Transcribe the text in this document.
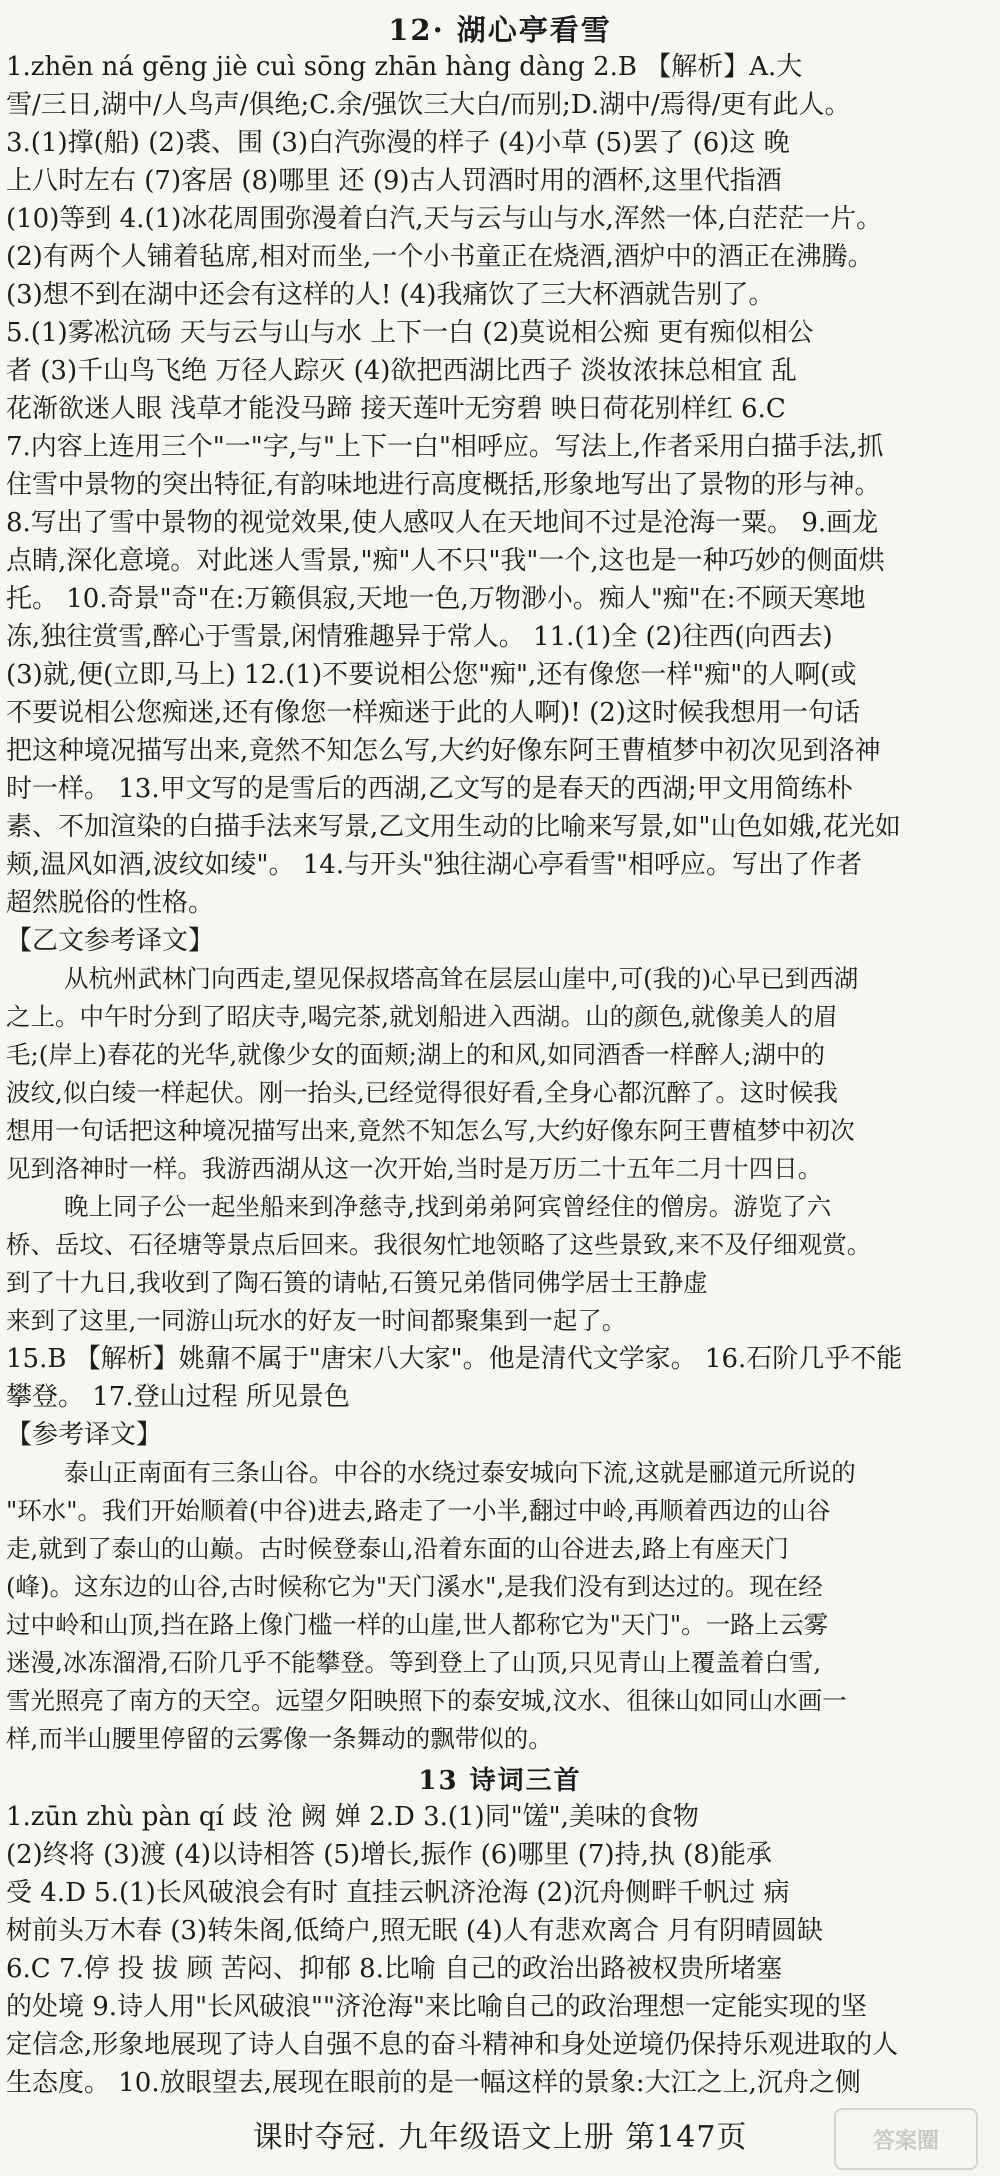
12· 湖心亭看雪
1.zhēn ná gēng jiè cuì sōng zhān hàng dàng 2.B 【解析】A.大
雪/三日,湖中/人鸟声/俱绝;C.余/强饮三大白/而别;D.湖中/焉得/更有此人。
3.(1)撑(船) (2)裘、围 (3)白汽弥漫的样子 (4)小草 (5)罢了 (6)这 晚
上八时左右 (7)客居 (8)哪里 还 (9)古人罚酒时用的酒杯,这里代指酒
(10)等到 4.(1)冰花周围弥漫着白汽,天与云与山与水,浑然一体,白茫茫一片。
(2)有两个人铺着毡席,相对而坐,一个小书童正在烧酒,酒炉中的酒正在沸腾。
(3)想不到在湖中还会有这样的人! (4)我痛饮了三大杯酒就告别了。
5.(1)雾凇沆砀 天与云与山与水 上下一白 (2)莫说相公痴 更有痴似相公
者 (3)千山鸟飞绝 万径人踪灭 (4)欲把西湖比西子 淡妆浓抹总相宜 乱
花渐欲迷人眼 浅草才能没马蹄 接天莲叶无穷碧 映日荷花别样红 6.C
7.内容上连用三个"一"字,与"上下一白"相呼应。写法上,作者采用白描手法,抓
住雪中景物的突出特征,有韵味地进行高度概括,形象地写出了景物的形与神。
8.写出了雪中景物的视觉效果,使人感叹人在天地间不过是沧海一粟。 9.画龙
点睛,深化意境。对此迷人雪景,"痴"人不只"我"一个,这也是一种巧妙的侧面烘
托。 10.奇景"奇"在:万籁俱寂,天地一色,万物渺小。痴人"痴"在:不顾天寒地
冻,独往赏雪,醉心于雪景,闲情雅趣异于常人。 11.(1)全 (2)往西(向西去)
(3)就,便(立即,马上) 12.(1)不要说相公您"痴",还有像您一样"痴"的人啊(或
不要说相公您痴迷,还有像您一样痴迷于此的人啊)! (2)这时候我想用一句话
把这种境况描写出来,竟然不知怎么写,大约好像东阿王曹植梦中初次见到洛神
时一样。 13.甲文写的是雪后的西湖,乙文写的是春天的西湖;甲文用简练朴
素、不加渲染的白描手法来写景,乙文用生动的比喻来写景,如"山色如娥,花光如
颊,温风如酒,波纹如绫"。 14.与开头"独往湖心亭看雪"相呼应。写出了作者
超然脱俗的性格。
【乙文参考译文】
从杭州武林门向西走,望见保叔塔高耸在层层山崖中,可(我的)心早已到西湖
之上。中午时分到了昭庆寺,喝完茶,就划船进入西湖。山的颜色,就像美人的眉
毛;(岸上)春花的光华,就像少女的面颊;湖上的和风,如同酒香一样醉人;湖中的
波纹,似白绫一样起伏。刚一抬头,已经觉得很好看,全身心都沉醉了。这时候我
想用一句话把这种境况描写出来,竟然不知怎么写,大约好像东阿王曹植梦中初次
见到洛神时一样。我游西湖从这一次开始,当时是万历二十五年二月十四日。
晚上同子公一起坐船来到净慈寺,找到弟弟阿宾曾经住的僧房。游览了六
桥、岳坟、石径塘等景点后回来。我很匆忙地领略了这些景致,来不及仔细观赏。
到了十九日,我收到了陶石篑的请帖,石篑兄弟偕同佛学居士王静虚
来到了这里,一同游山玩水的好友一时间都聚集到一起了。
15.B 【解析】姚鼐不属于"唐宋八大家"。他是清代文学家。 16.石阶几乎不能
攀登。 17.登山过程 所见景色
【参考译文】
泰山正南面有三条山谷。中谷的水绕过泰安城向下流,这就是郦道元所说的
"环水"。我们开始顺着(中谷)进去,路走了一小半,翻过中岭,再顺着西边的山谷
走,就到了泰山的山巅。古时候登泰山,沿着东面的山谷进去,路上有座天门
(峰)。这东边的山谷,古时候称它为"天门溪水",是我们没有到达过的。现在经
过中岭和山顶,挡在路上像门槛一样的山崖,世人都称它为"天门"。一路上云雾
迷漫,冰冻溜滑,石阶几乎不能攀登。等到登上了山顶,只见青山上覆盖着白雪,
雪光照亮了南方的天空。远望夕阳映照下的泰安城,汶水、徂徕山如同山水画一
样,而半山腰里停留的云雾像一条舞动的飘带似的。
13 诗词三首
1.zūn zhù pàn qí 歧 沧 阙 婵 2.D 3.(1)同"馐",美味的食物
(2)终将 (3)渡 (4)以诗相答 (5)增长,振作 (6)哪里 (7)持,执 (8)能承
受 4.D 5.(1)长风破浪会有时 直挂云帆济沧海 (2)沉舟侧畔千帆过 病
树前头万木春 (3)转朱阁,低绮户,照无眠 (4)人有悲欢离合 月有阴晴圆缺
6.C 7.停 投 拔 顾 苦闷、抑郁 8.比喻 自己的政治出路被权贵所堵塞
的处境 9.诗人用"长风破浪""济沧海"来比喻自己的政治理想一定能实现的坚
定信念,形象地展现了诗人自强不息的奋斗精神和身处逆境仍保持乐观进取的人
生态度。 10.放眼望去,展现在眼前的是一幅这样的景象:大江之上,沉舟之侧
课时夺冠. 九年级语文上册 第147页	答案圈
